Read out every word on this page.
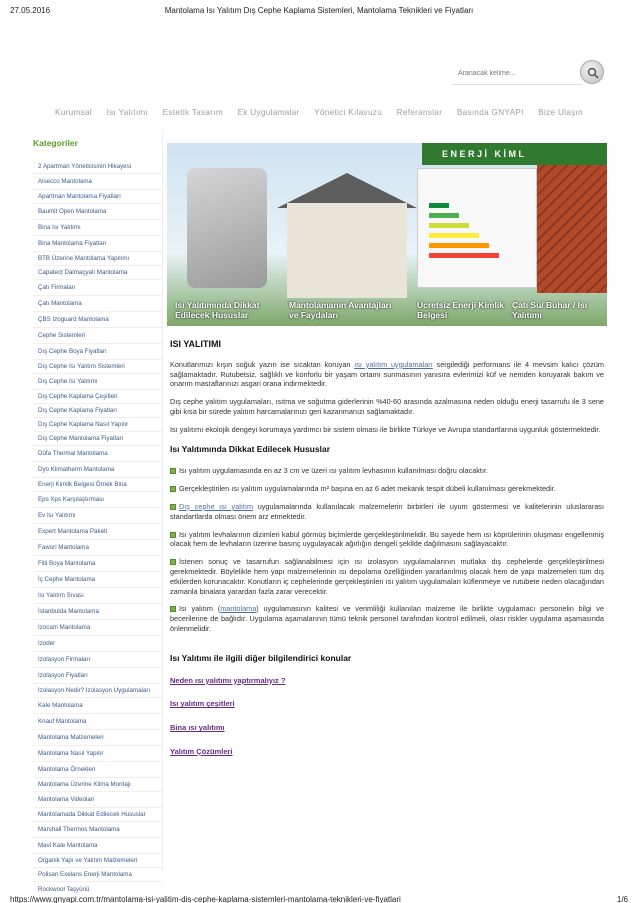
27.05.2016	Mantolama Isı Yalıtım Dış Cephe Kaplama Sistemleri, Mantolama Teknikleri ve Fiyatları
Aranacak kelime...
Kurumsal Isı Yalıtımı Estetik Tasarım Ek Uygulamalar Yönetici Kılavuzu Referanslar Basında GNYAPI Bize Ulaşın
Kategoriler
2 Apartman Yöneticisinin Hikayesi
Alsecco Mantolama
Apartman Mantolama Fiyatları
Baumit Open Mantolama
Bina Isı Yalıtımı
Bina Mantolama Fiyatları
BTB Üzerine Mantolama Yapılımı
Capatect Dalmaçyalı Mantolama
Çatı Firmaları
Çatı Mantolama
ÇBS Izoguard Mantolama
Cephe Sistemleri
Dış Cephe Boya Fiyatları
Dış Cephe Isı Yalıtım Sistemleri
Dış Cephe Isı Yalıtımı
Dış Cephe Kaplama Çeşitleri
Dış Cephe Kaplama Fiyatları
Dış Cephe Kaplama Nasıl Yapılır
Dış Cephe Mantolama Fiyatları
Düfa Thermal Mantolama
Dyo Klimatherm Mantolama
Enerji Kimlik Belgesi Örnek Bina
Eps Xps Karşılaştırması
Ev Isı Yalıtımı
Expert Mantolama Paketi
Fawori Mantolama
Filli Boya Mantolama
İç Cephe Mantolama
Isı Yalıtım Sıvası
İstanbulda Mantolama
Izocam Mantolama
Izoder
Izolasyon Firmaları
Izolasyon Fiyatları
Izolasyon Nedir? Izolasyon Uygulamaları
Kale Mantolama
Knauf Mantolama
Mantolama Malzemeleri
Mantolama Nasıl Yapılır
Mantolama Örnekleri
Mantolama Üzerine Klima Montajı
Mantolama Videoları
Mantolamada Dikkat Edilecek Hususlar
Marshall Thermos Mantolama
Mavi Kale Mantolama
Organik Yapı ve Yalıtım Malzemeleri
Polisan Exelans Enerji Mantolama
Rockwool Taşyünü
ENERJİ KİML
Isı Yalıtımında Dikkat Edilecek Hususlar
Mantolamanın Avantajları ve Faydaları
Ücretsiz Enerji Kimlik Belgesi
Çatı Su/ Buhar / Isı Yalıtımı
ISI YALITIMI

Konutlarımızı kışın soğuk yazın ise sıcaktan koruyan ısı yalıtım uygulamaları sergilediği performans ile 4 mevsim kalıcı çözüm sağlamaktadır. Rutubetsiz, sağlıklı ve konforlu bir yaşam ortamı sunmasının yanısıra evlerimizi küf ve nemden koruyarak bakım ve onarım masraflarınızı asgari orana indirmektedir.

Dış cephe yalıtım uygulamaları, ısıtma ve soğutma giderlerinin %40-60 arasında azalmasına neden olduğu enerji tasarrufu ile 3 sene gibi kısa bir sürede yalıtım harcamalarınızı geri kazanmanızı sağlamaktadır.

Isı yalıtımı ekolojik dengeyi korumaya yardımcı bir sistem olması ile birlikte Türkiye ve Avrupa standartlarına uygunluk göstermektedir.

Isı Yalıtımında Dikkat Edilecek Hususlar

Isı yalıtım uygulamasında en az 3 cm ve üzeri ısı yalıtım levhasının kullanılması doğru olacaktır.

Gerçekleştirilen ısı yalıtım uygulamalarında m² başına en az 6 adet mekanik tespit dübeli kullanılması gerekmektedir.

Dış cephe ısı yalıtım uygulamalarında kullanılacak malzemelerin birbirleri ile uyum göstermesi ve kalitelerinin uluslararası standartlarda olması önem arz etmektedir.

Isı yalıtım levhalarının dizimleri kabul görmüş biçimlerde gerçekleştirilmelidir. Bu sayede hem ısı köprülerinin oluşması engellenmiş olacak hem de levhaların üzerine basınç uygulayacak ağırlığın dengeli şekilde dağılmasını sağlayacaktır.

İstenen sonuç ve tasarrufun sağlanabilmesi için ısı izolasyon uygulamalarının mutlaka dış cephelerde gerçekleştirilmesi gerekmektedir. Böylelikle hem yapı malzemelerinin ısı depolama özelliğinden yararlanılmış olacak hem de yapı malzemeleri tüm dış etkilerden korunacaktır. Konutların iç cephelerinde gerçekleştirilen ısı yalıtım uygulamaları küflenmeye ve rutubete neden olacağından zamanla binalara yarardan fazla zarar verecektir.

Isı yalıtım (mantolama) uygulamasının kalitesi ve verimliliği kullanılan malzeme ile birlikte uygulamacı personelin bilgi ve becerilerine de bağlıdır. Uygulama aşamalarının tümü teknik personel tarafından kontrol edilmeli, olası riskler uygulama aşamasında önlenmelidir.

Isı Yalıtımı ile ilgili diğer bilgilendirici konular
Neden ısı yalıtımı yaptırmalıyız ?
Isı yalıtım çeşitleri
Bina ısı yalıtımı
Yalıtım Çözümleri
https://www.gnyapi.com.tr/mantolama-isi-yalitim-dis-cephe-kaplama-sistemleri-mantolama-teknikleri-ve-fiyatlari	1/6
